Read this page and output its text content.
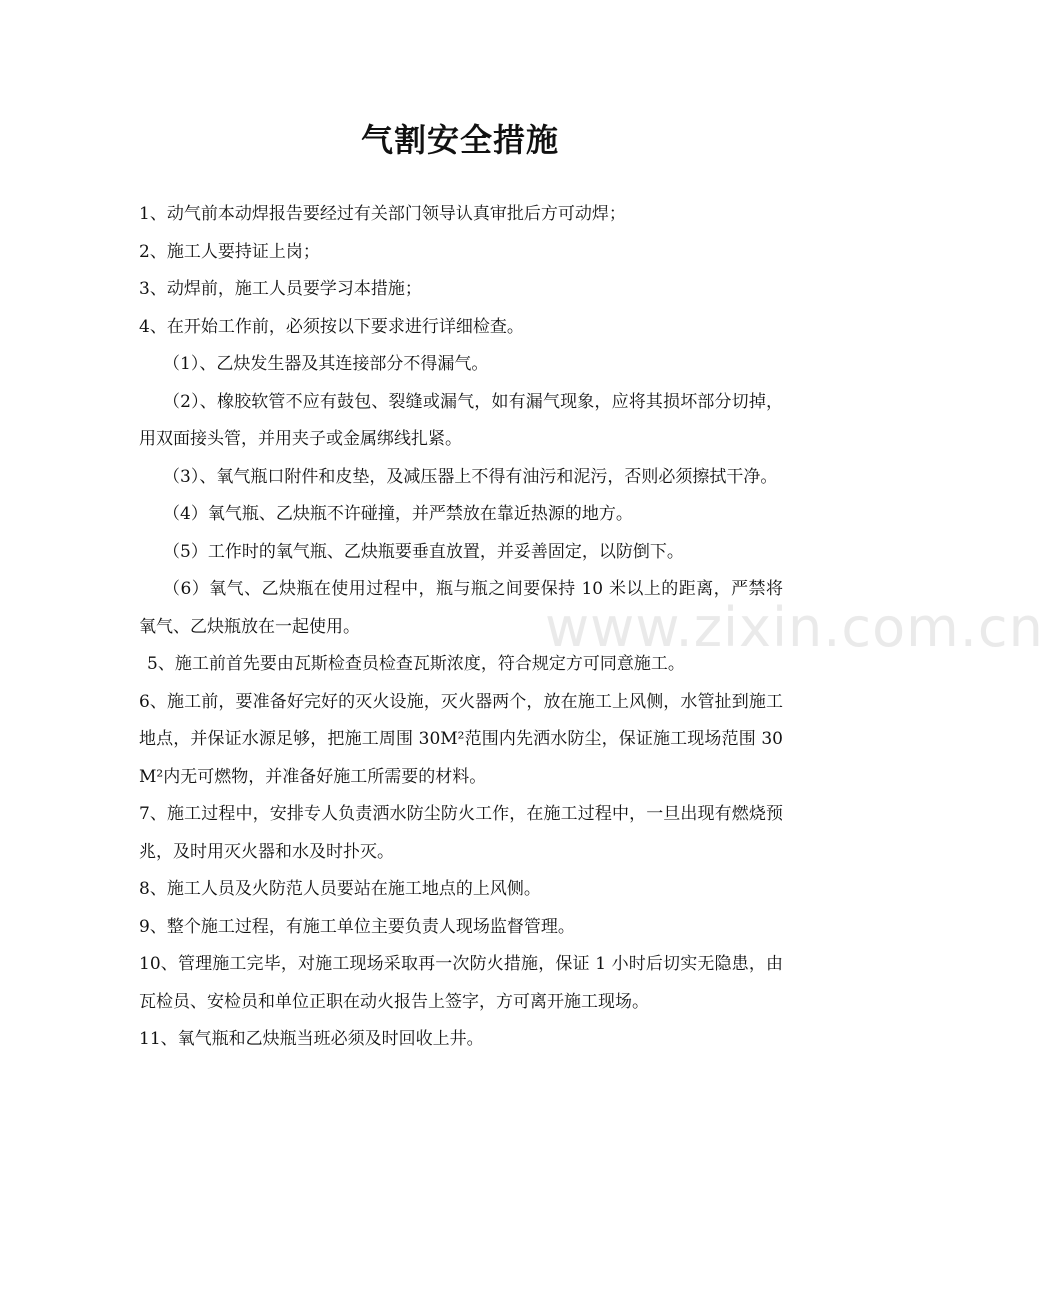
气割安全措施

1、动气前本动焊报告要经过有关部门领导认真审批后方可动焊；

2、施工人要持证上岗；

3、动焊前，施工人员要学习本措施；

4、在开始工作前，必须按以下要求进行详细检查。

（1）、乙炔发生器及其连接部分不得漏气。

（2）、橡胶软管不应有鼓包、裂缝或漏气，如有漏气现象，应将其损坏部分切掉，用双面接头管，并用夹子或金属绑线扎紧。

（3）、氧气瓶口附件和皮垫，及减压器上不得有油污和泥污，否则必须擦拭干净。

（4）氧气瓶、乙炔瓶不许碰撞，并严禁放在靠近热源的地方。

（5）工作时的氧气瓶、乙炔瓶要垂直放置，并妥善固定，以防倒下。

（6）氧气、乙炔瓶在使用过程中，瓶与瓶之间要保持 10 米以上的距离，严禁将氧气、乙炔瓶放在一起使用。

5、施工前首先要由瓦斯检查员检查瓦斯浓度，符合规定方可同意施工。

6、施工前，要准备好完好的灭火设施，灭火器两个，放在施工上风侧，水管扯到施工地点，并保证水源足够，把施工周围 30M²范围内先洒水防尘，保证施工现场范围 30M²内无可燃物，并准备好施工所需要的材料。

7、施工过程中，安排专人负责洒水防尘防火工作，在施工过程中，一旦出现有燃烧预兆，及时用灭火器和水及时扑灭。

8、施工人员及火防范人员要站在施工地点的上风侧。

9、整个施工过程，有施工单位主要负责人现场监督管理。

10、管理施工完毕，对施工现场采取再一次防火措施，保证 1 小时后切实无隐患，由瓦检员、安检员和单位正职在动火报告上签字，方可离开施工现场。

11、氧气瓶和乙炔瓶当班必须及时回收上井。

www.zixin.com.cn
